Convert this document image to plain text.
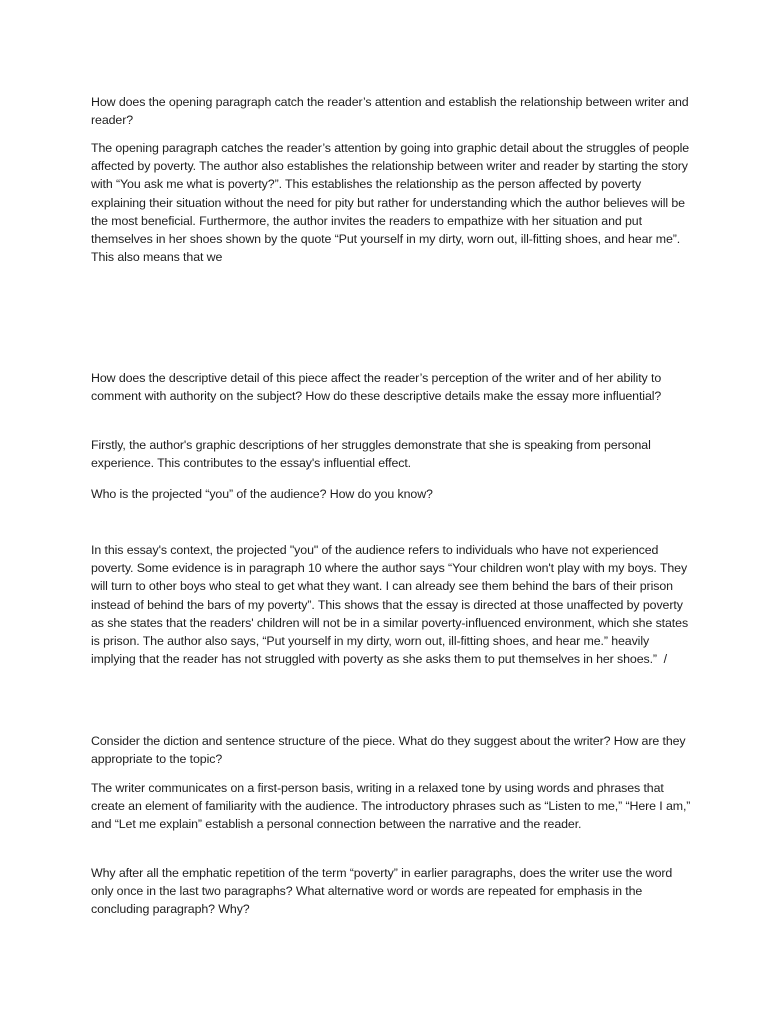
How does the opening paragraph catch the reader’s attention and establish the relationship between writer and reader?

The opening paragraph catches the reader’s attention by going into graphic detail about the struggles of people affected by poverty. The author also establishes the relationship between writer and reader by starting the story with “You ask me what is poverty?”. This establishes the relationship as the person affected by poverty explaining their situation without the need for pity but rather for understanding which the author believes will be the most beneficial. Furthermore, the author invites the readers to empathize with her situation and put themselves in her shoes shown by the quote “Put yourself in my dirty, worn out, ill-fitting shoes, and hear me”.  This also means that we

How does the descriptive detail of this piece affect the reader’s perception of the writer and of her ability to comment with authority on the subject? How do these descriptive details make the essay more influential?

Firstly, the author's graphic descriptions of her struggles demonstrate that she is speaking from personal experience. This contributes to the essay's influential effect.

Who is the projected “you” of the audience? How do you know?

In this essay's context, the projected "you" of the audience refers to individuals who have not experienced poverty. Some evidence is in paragraph 10 where the author says “Your children won't play with my boys. They will turn to other boys who steal to get what they want. I can already see them behind the bars of their prison instead of behind the bars of my poverty”. This shows that the essay is directed at those unaffected by poverty as she states that the readers' children will not be in a similar poverty-influenced environment, which she states is prison. The author also says, “Put yourself in my dirty, worn out, ill-fitting shoes, and hear me.” heavily implying that the reader has not struggled with poverty as she asks them to put themselves in her shoes.”  /

Consider the diction and sentence structure of the piece. What do they suggest about the writer? How are they appropriate to the topic?

The writer communicates on a first-person basis, writing in a relaxed tone by using words and phrases that create an element of familiarity with the audience. The introductory phrases such as “Listen to me,” “Here I am,” and “Let me explain” establish a personal connection between the narrative and the reader.

Why after all the emphatic repetition of the term “poverty” in earlier paragraphs, does the writer use the word only once in the last two paragraphs? What alternative word or words are repeated for emphasis in the concluding paragraph? Why?
